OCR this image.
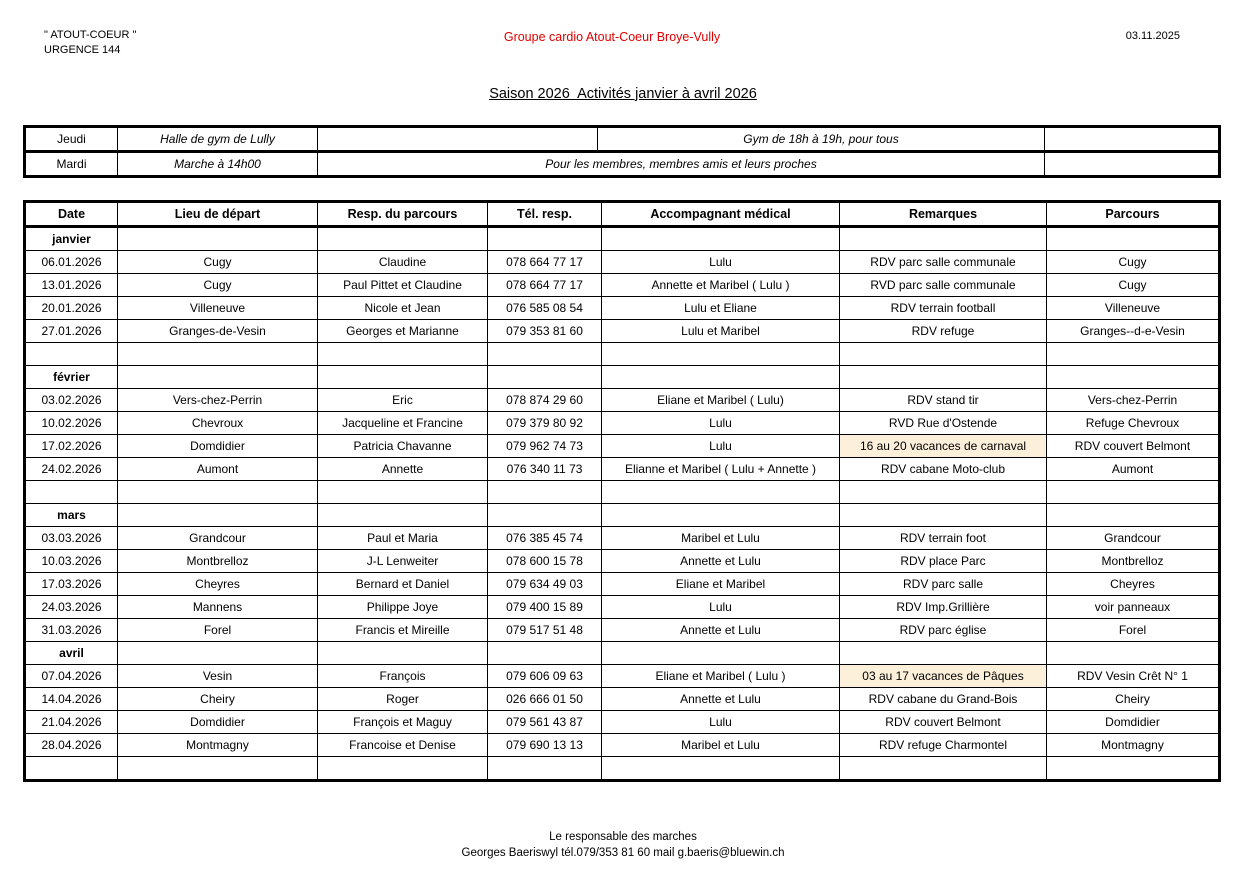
" ATOUT-COEUR "
URGENCE 144
Groupe cardio Atout-Coeur Broye-Vully	03.11.2025
Saison 2026  Activités janvier à avril 2026
Jeudi	Halle de gym de Lully		Gym de 18h à 19h, pour tous	
Mardi	Marche à 14h00	Pour les membres, membres amis et leurs proches		
Date	Lieu de départ	Resp. du parcours	Tél. resp.	Accompagnant médical	Remarques	Parcours
janvier						
06.01.2026	Cugy	Claudine	078 664 77 17	Lulu	RDV parc salle communale	Cugy
13.01.2026	Cugy	Paul Pittet et Claudine	078 664 77 17	Annette et Maribel ( Lulu )	RVD parc salle communale	Cugy
20.01.2026	Villeneuve	Nicole et Jean	076 585 08 54	Lulu et Eliane	RDV terrain football	Villeneuve
27.01.2026	Granges-de-Vesin	Georges et Marianne	079 353 81 60	Lulu et Maribel	RDV refuge	Granges--d-e-Vesin

février						
03.02.2026	Vers-chez-Perrin	Eric	078 874 29 60	Eliane et Maribel ( Lulu)	RDV stand tir	Vers-chez-Perrin
10.02.2026	Chevroux	Jacqueline et Francine	079 379 80 92	Lulu	RVD Rue d'Ostende	Refuge Chevroux
17.02.2026	Domdidier	Patricia Chavanne	079 962 74 73	Lulu	16 au 20 vacances de carnaval	RDV couvert Belmont
24.02.2026	Aumont	Annette	076 340 11 73	Elianne et Maribel ( Lulu + Annette )	RDV cabane Moto-club	Aumont

mars						
03.03.2026	Grandcour	Paul et Maria	076 385 45 74	Maribel et Lulu	RDV terrain foot	Grandcour
10.03.2026	Montbrelloz	J-L Lenweiter	078 600 15 78	Annette et Lulu	RDV place Parc	Montbrelloz
17.03.2026	Cheyres	Bernard et Daniel	079 634 49 03	Eliane et Maribel	RDV parc salle	Cheyres
24.03.2026	Mannens	Philippe Joye	079 400 15 89	Lulu	RDV Imp.Grillière	voir panneaux
31.03.2026	Forel	Francis et Mireille	079 517 51 48	Annette et Lulu	RDV parc église	Forel
avril						
07.04.2026	Vesin	François	079 606 09 63	Eliane et Maribel ( Lulu )	03 au 17 vacances de Pâques	RDV Vesin Crêt N° 1
14.04.2026	Cheiry	Roger	026 666 01 50	Annette et Lulu	RDV cabane du Grand-Bois	Cheiry
21.04.2026	Domdidier	François et Maguy	079 561 43 87	Lulu	RDV couvert Belmont	Domdidier
28.04.2026	Montmagny	Francoise et Denise	079 690 13 13	Maribel et Lulu	RDV refuge Charmontel	Montmagny

Le responsable des marches
Georges Baeriswyl tél.079/353 81 60 mail g.baeris@bluewin.ch
